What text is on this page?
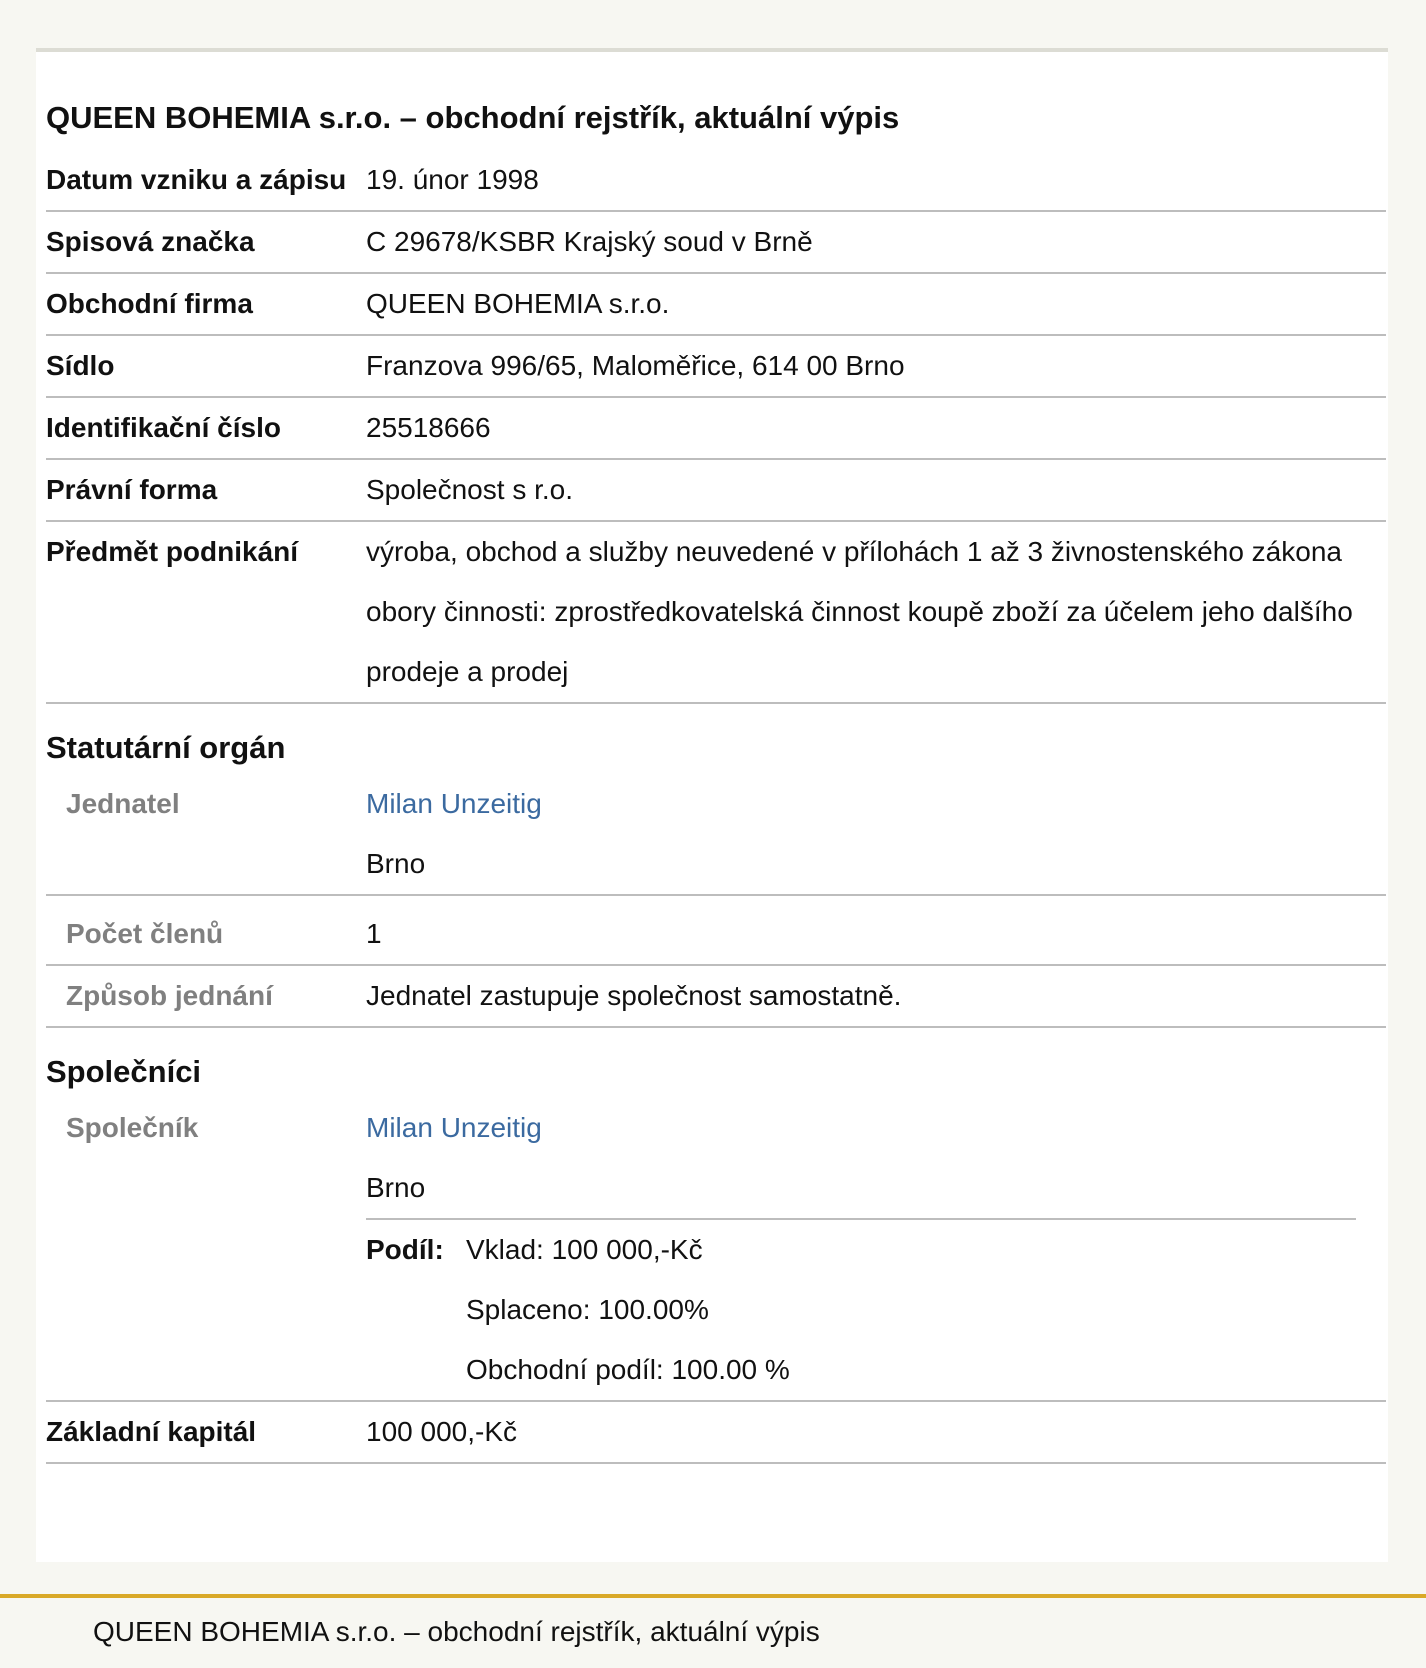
QUEEN BOHEMIA s.r.o. – obchodní rejstřík, aktuální výpis
Datum vzniku a zápisu 19. únor 1998
Spisová značka	C 29678/KSBR Krajský soud v Brně
Obchodní firma	QUEEN BOHEMIA s.r.o.
Sídlo	Franzova 996/65, Maloměřice, 614 00 Brno
Identifikační číslo	25518666
Právní forma	Společnost s r.o.
Předmět podnikání	výroba, obchod a služby neuvedené v přílohách 1 až 3 živnostenského zákona obory činnosti: zprostředkovatelská činnost koupě zboží za účelem jeho dalšího prodeje a prodej
Statutární orgán
Jednatel	Milan Unzeitig
Brno
Počet členů	1
Způsob jednání	Jednatel zastupuje společnost samostatně.
Společníci
Společník	Milan Unzeitig
Brno
Podíl: Vklad: 100 000,-Kč
Splaceno: 100.00%
Obchodní podíl: 100.00 %
Základní kapitál	100 000,-Kč
QUEEN BOHEMIA s.r.o. – obchodní rejstřík, aktuální výpis
